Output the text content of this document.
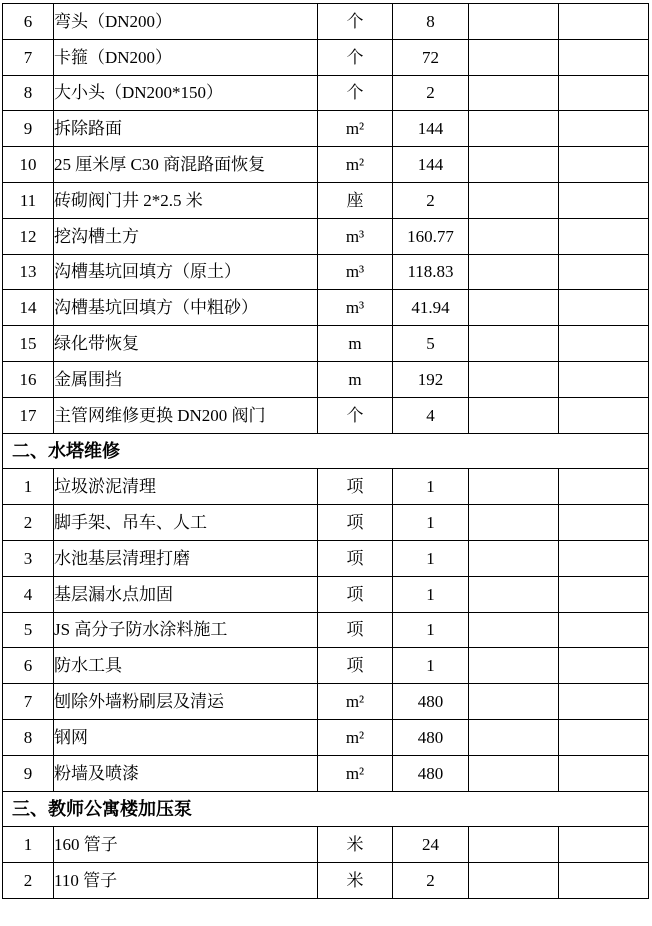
6	弯头（DN200）	个	8		
7	卡箍（DN200）	个	72		
8	大小头（DN200*150）	个	2		
9	拆除路面	m²	144		
10	25 厘米厚 C30 商混路面恢复	m²	144		
11	砖砌阀门井 2*2.5 米	座	2		
12	挖沟槽土方	m³	160.77		
13	沟槽基坑回填方（原土）	m³	118.83		
14	沟槽基坑回填方（中粗砂）	m³	41.94		
15	绿化带恢复	m	5		
16	金属围挡	m	192		
17	主管网维修更换 DN200 阀门	个	4		
二、水塔维修					
1	垃圾淤泥清理	项	1		
2	脚手架、吊车、人工	项	1		
3	水池基层清理打磨	项	1		
4	基层漏水点加固	项	1		
5	JS 高分子防水涂料施工	项	1		
6	防水工具	项	1		
7	刨除外墙粉刷层及清运	m²	480		
8	钢网	m²	480		
9	粉墙及喷漆	m²	480		
三、教师公寓楼加压泵					
1	160 管子	米	24		
2	110 管子	米	2		
